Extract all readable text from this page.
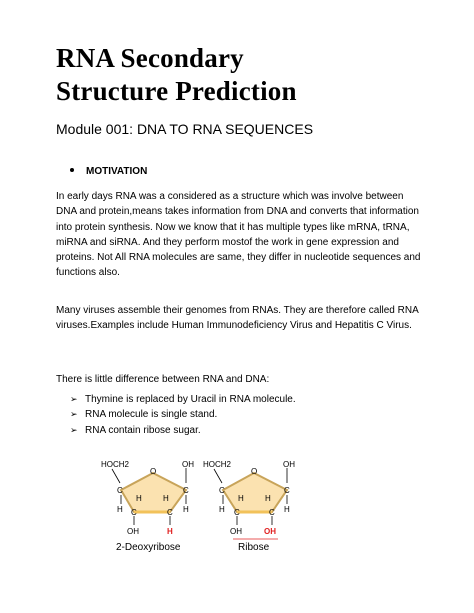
RNA Secondary
Structure Prediction
Module 001: DNA TO RNA SEQUENCES
MOTIVATION

In early days RNA was a considered as a structure which was involve between DNA and protein,means takes information from DNA and converts that information into protein synthesis. Now we know that it has multiple types like mRNA, tRNA, miRNA and siRNA. And they perform mostof the work in gene expression and proteins. Not All RNA molecules are same, they differ in nucleotide sequences and functions also.

Many viruses assemble their genomes from RNAs. They are therefore called RNA viruses.Examples include Human Immunodeficiency Virus and Hepatitis C Virus.

There is little difference between RNA and DNA:

➢ Thymine is replaced by Uracil in RNA molecule.
➢ RNA molecule is single stand.
➢ RNA contain ribose sugar.
HOCH2
O
OH
C	C
H	H
H	H
C	C
OH	H
2-Deoxyribose
HOCH2
O
OH
C	C
H	H
H	H
C	C
OH	OH
Ribose
